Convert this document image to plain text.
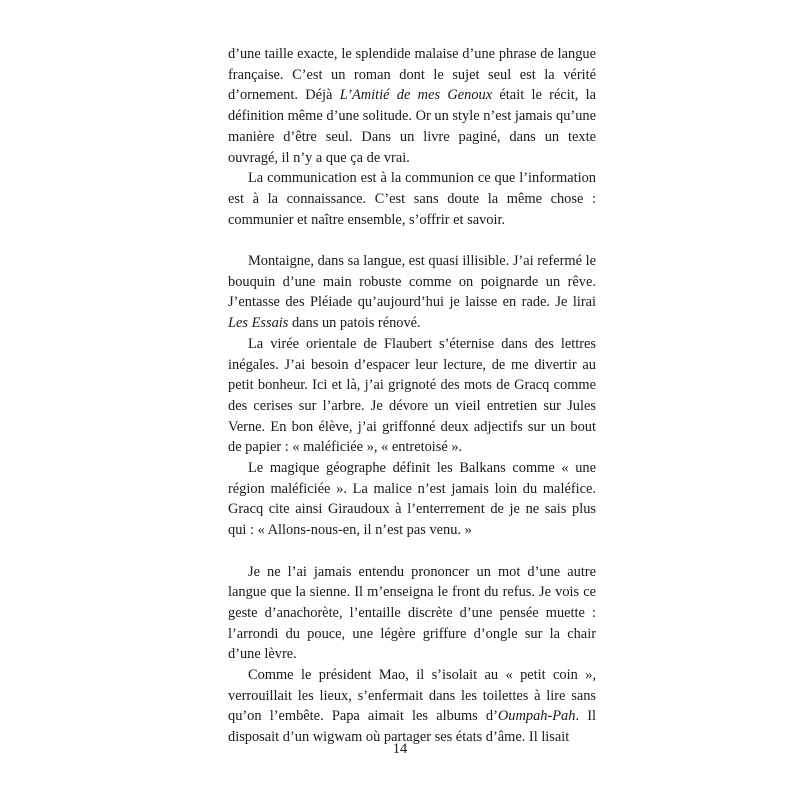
d’une taille exacte, le splendide malaise d’une phrase de langue française. C’est un roman dont le sujet seul est la vérité d’ornement. Déjà L’Amitié de mes Genoux était le récit, la définition même d’une solitude. Or un style n’est jamais qu’une manière d’être seul. Dans un livre paginé, dans un texte ouvragé, il n’y a que ça de vrai.

La communication est à la communion ce que l’information est à la connaissance. C’est sans doute la même chose : communier et naître ensemble, s’offrir et savoir.

Montaigne, dans sa langue, est quasi illisible. J’ai refermé le bouquin d’une main robuste comme on poignarde un rêve. J’entasse des Pléiade qu’aujourd’hui je laisse en rade. Je lirai Les Essais dans un patois rénové.

La virée orientale de Flaubert s’éternise dans des lettres inégales. J’ai besoin d’espacer leur lecture, de me divertir au petit bonheur. Ici et là, j’ai grignoté des mots de Gracq comme des cerises sur l’arbre. Je dévore un vieil entretien sur Jules Verne. En bon élève, j’ai griffonné deux adjectifs sur un bout de papier : « maléficiée », « entretoisé ».

Le magique géographe définit les Balkans comme « une région maléficiée ». La malice n’est jamais loin du maléfice. Gracq cite ainsi Giraudoux à l’enterrement de je ne sais plus qui : « Allons-nous-en, il n’est pas venu. »

Je ne l’ai jamais entendu prononcer un mot d’une autre langue que la sienne. Il m’enseigna le front du refus. Je vois ce geste d’anachorète, l’entaille discrète d’une pensée muette : l’arrondi du pouce, une légère griffure d’ongle sur la chair d’une lèvre.

Comme le président Mao, il s’isolait au « petit coin », verrouillait les lieux, s’enfermait dans les toilettes à lire sans qu’on l’embête. Papa aimait les albums d’Oumpah-Pah. Il disposait d’un wigwam où partager ses états d’âme. Il lisait

14
